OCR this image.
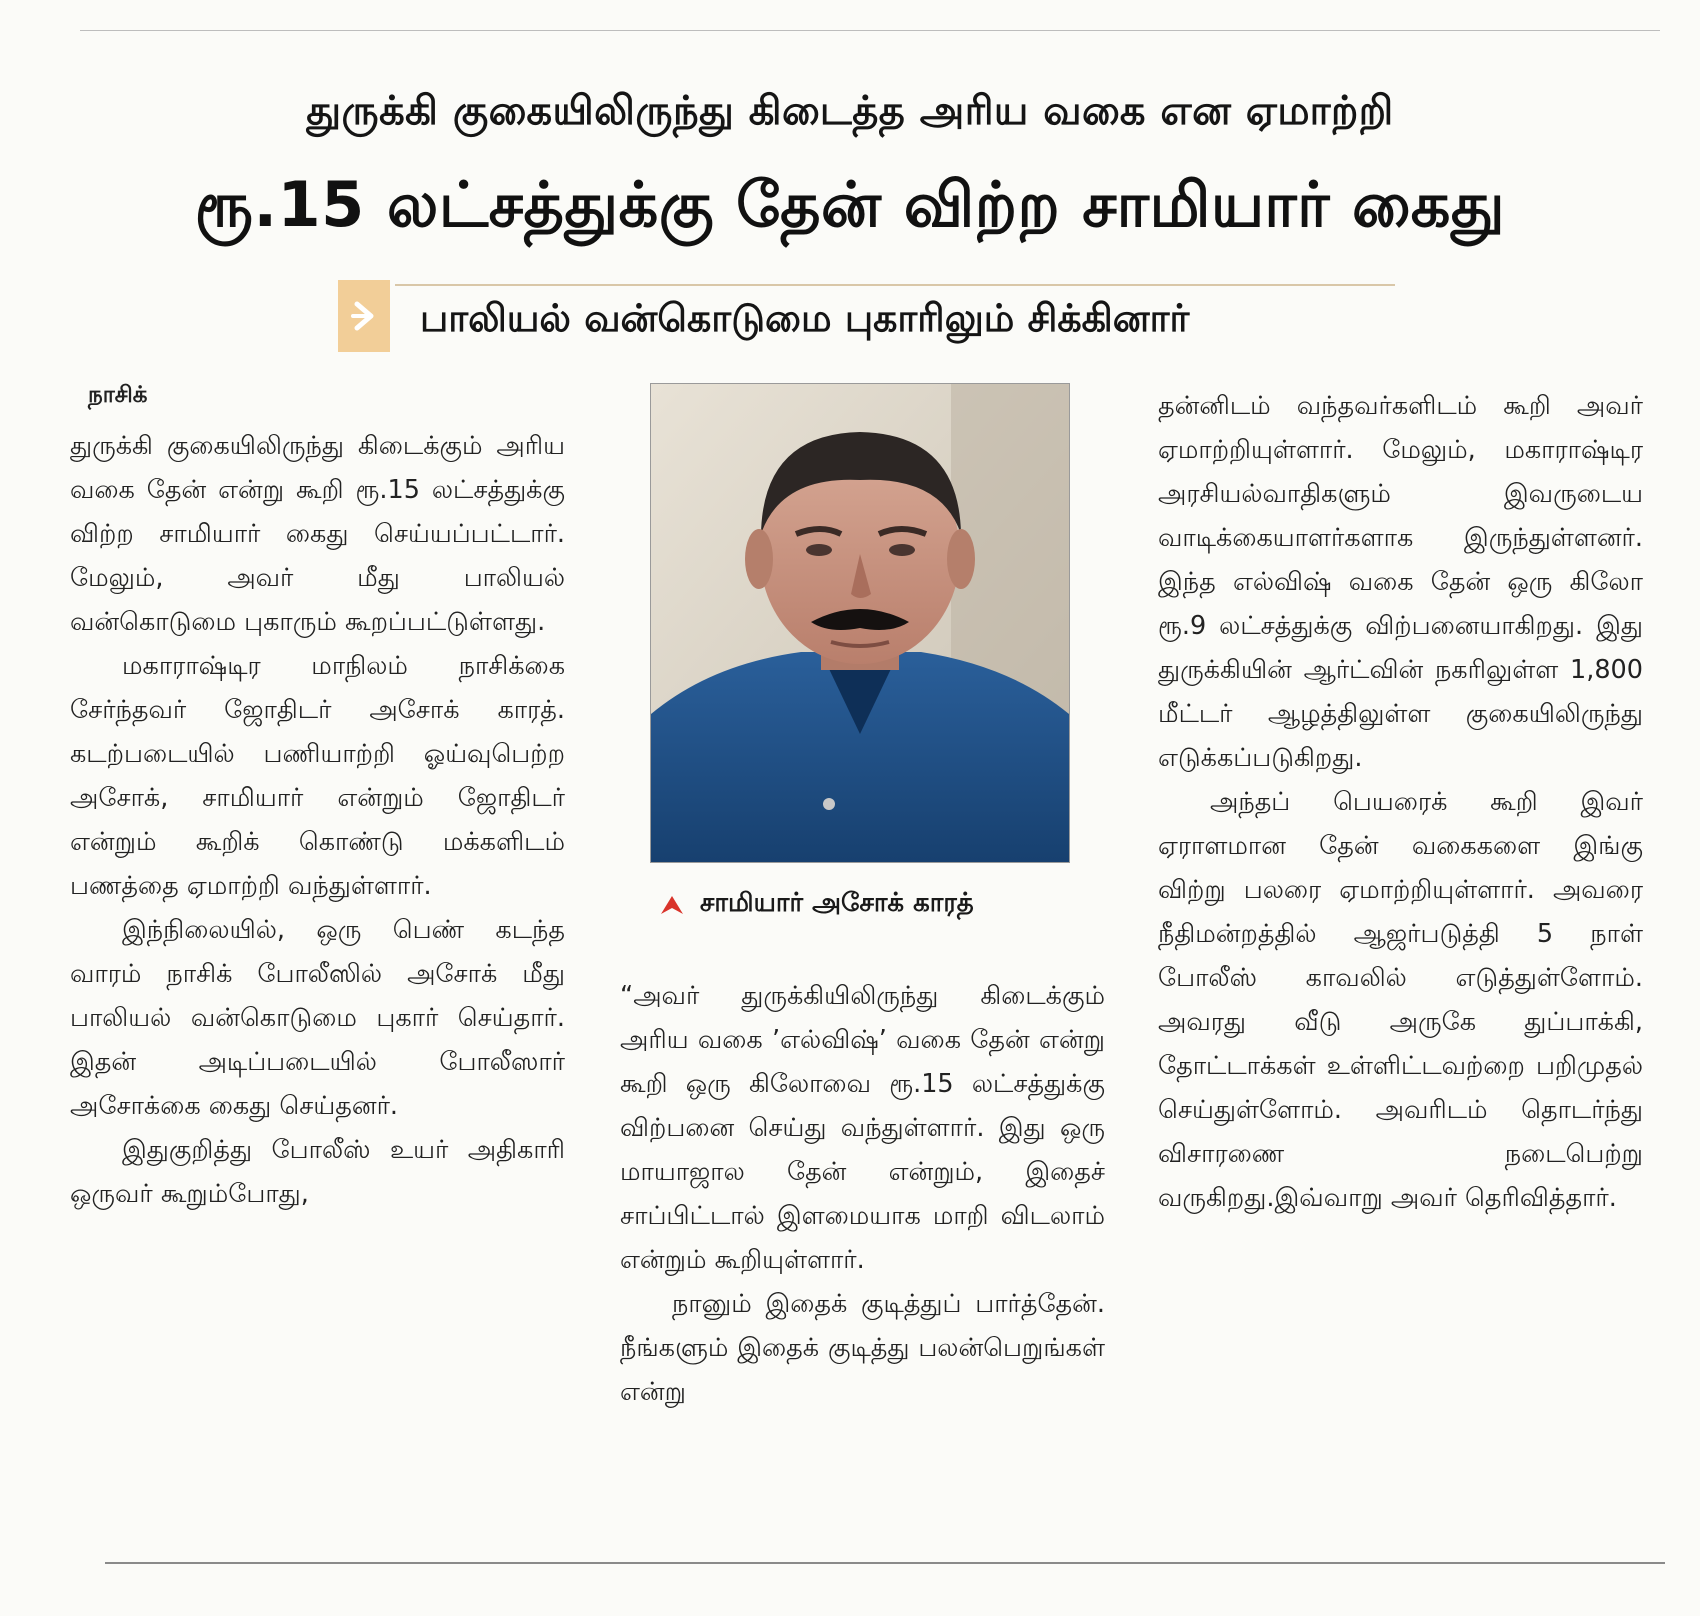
துருக்கி குகையிலிருந்து கிடைத்த அரிய வகை என ஏமாற்றி
ரூ.15 லட்சத்துக்கு தேன் விற்ற சாமியார் கைது
பாலியல் வன்கொடுமை புகாரிலும் சிக்கினார்
நாசிக்

துருக்கி குகையிலிருந்து கிடைக்கும் அரிய வகை தேன் என்று கூறி ரூ.15 லட்சத்துக்கு விற்ற சாமியார் கைது செய்யப்பட்டார். மேலும், அவர் மீது பாலியல் வன்கொடுமை புகாரும் கூறப்பட்டுள்ளது.

மகாராஷ்டிர மாநிலம் நாசிக்கை சேர்ந்தவர் ஜோதிடர் அசோக் காரத். கடற்படையில் பணியாற்றி ஓய்வுபெற்ற அசோக், சாமியார் என்றும் ஜோதிடர் என்றும் கூறிக் கொண்டு மக்களிடம் பணத்தை ஏமாற்றி வந்துள்ளார்.

இந்நிலையில், ஒரு பெண் கடந்த வாரம் நாசிக் போலீஸில் அசோக் மீது பாலியல் வன்கொடுமை புகார் செய்தார். இதன் அடிப்படையில் போலீஸார் அசோக்கை கைது செய்தனர்.

இதுகுறித்து போலீஸ் உயர் அதிகாரி ஒருவர் கூறும்போது,

சாமியார் அசோக் காரத்

“அவர் துருக்கியிலிருந்து கிடைக்கும் அரிய வகை ’எல்விஷ்’ வகை தேன் என்று கூறி ஒரு கிலோவை ரூ.15 லட்சத்துக்கு விற்பனை செய்து வந்துள்ளார். இது ஒரு மாயாஜால தேன் என்றும், இதைச் சாப்பிட்டால் இளமையாக மாறி விடலாம் என்றும் கூறியுள்ளார்.

நானும் இதைக் குடித்துப் பார்த்தேன். நீங்களும் இதைக் குடித்து பலன்பெறுங்கள் என்று

தன்னிடம் வந்தவர்களிடம் கூறி அவர் ஏமாற்றியுள்ளார். மேலும், மகாராஷ்டிர அரசியல்வாதிகளும் இவருடைய வாடிக்கையாளர்களாக இருந்துள்ளனர். இந்த எல்விஷ் வகை தேன் ஒரு கிலோ ரூ.9 லட்சத்துக்கு விற்பனையாகிறது. இது துருக்கியின் ஆர்ட்வின் நகரிலுள்ள 1,800 மீட்டர் ஆழத்திலுள்ள குகையிலிருந்து எடுக்கப்படுகிறது.

அந்தப் பெயரைக் கூறி இவர் ஏராளமான தேன் வகைகளை இங்கு விற்று பலரை ஏமாற்றியுள்ளார். அவரை நீதிமன்றத்தில் ஆஜர்படுத்தி 5 நாள் போலீஸ் காவலில் எடுத்துள்ளோம். அவரது வீடு அருகே துப்பாக்கி, தோட்டாக்கள் உள்ளிட்டவற்றை பறிமுதல் செய்துள்ளோம். அவரிடம் தொடர்ந்து விசாரணை நடைபெற்று வருகிறது.இவ்வாறு அவர் தெரிவித்தார்.
